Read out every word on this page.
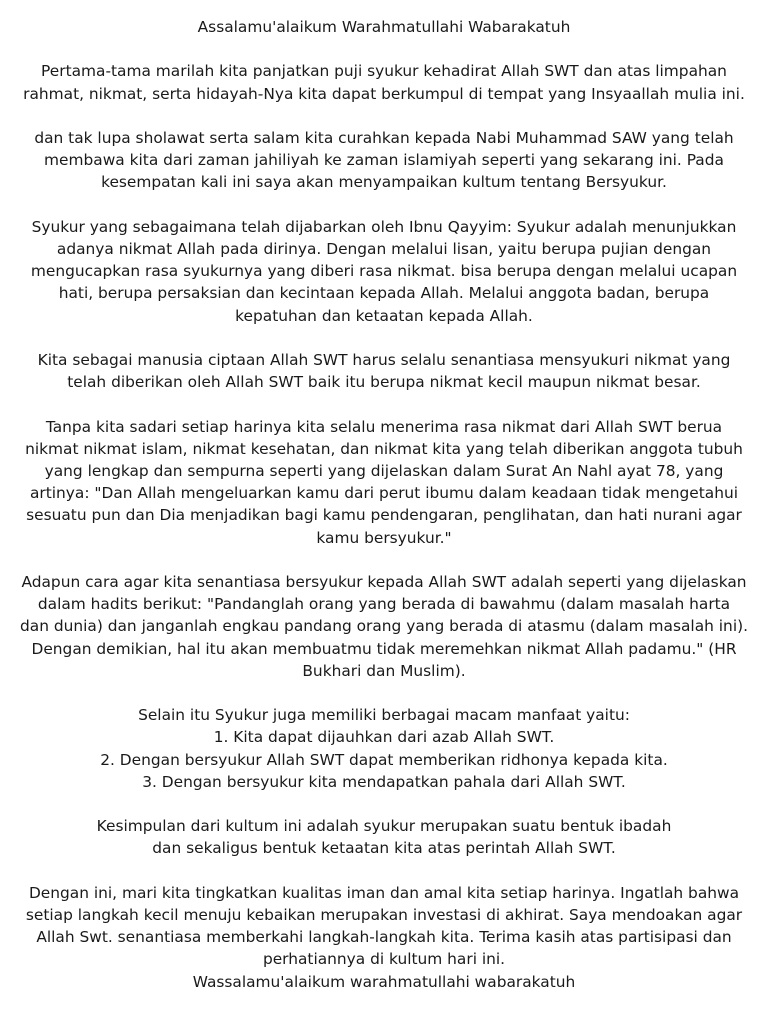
Assalamu'alaikum Warahmatullahi Wabarakatuh

Pertama-tama marilah kita panjatkan puji syukur kehadirat Allah SWT dan atas limpahan
rahmat, nikmat, serta hidayah-Nya kita dapat berkumpul di tempat yang Insyaallah mulia ini.

dan tak lupa sholawat serta salam kita curahkan kepada Nabi Muhammad SAW yang telah
membawa kita dari zaman jahiliyah ke zaman islamiyah seperti yang sekarang ini. Pada
kesempatan kali ini saya akan menyampaikan kultum tentang Bersyukur.

Syukur yang sebagaimana telah dijabarkan oleh Ibnu Qayyim: Syukur adalah menunjukkan
adanya nikmat Allah pada dirinya. Dengan melalui lisan, yaitu berupa pujian dengan
mengucapkan rasa syukurnya yang diberi rasa nikmat. bisa berupa dengan melalui ucapan
hati, berupa persaksian dan kecintaan kepada Allah. Melalui anggota badan, berupa
kepatuhan dan ketaatan kepada Allah.

Kita sebagai manusia ciptaan Allah SWT harus selalu senantiasa mensyukuri nikmat yang
telah diberikan oleh Allah SWT baik itu berupa nikmat kecil maupun nikmat besar.

Tanpa kita sadari setiap harinya kita selalu menerima rasa nikmat dari Allah SWT berua
nikmat nikmat islam, nikmat kesehatan, dan nikmat kita yang telah diberikan anggota tubuh
yang lengkap dan sempurna seperti yang dijelaskan dalam Surat An Nahl ayat 78, yang
artinya: "Dan Allah mengeluarkan kamu dari perut ibumu dalam keadaan tidak mengetahui
sesuatu pun dan Dia menjadikan bagi kamu pendengaran, penglihatan, dan hati nurani agar
kamu bersyukur."

Adapun cara agar kita senantiasa bersyukur kepada Allah SWT adalah seperti yang dijelaskan
dalam hadits berikut: "Pandanglah orang yang berada di bawahmu (dalam masalah harta
dan dunia) dan janganlah engkau pandang orang yang berada di atasmu (dalam masalah ini).
Dengan demikian, hal itu akan membuatmu tidak meremehkan nikmat Allah padamu." (HR
Bukhari dan Muslim).

Selain itu Syukur juga memiliki berbagai macam manfaat yaitu:
1. Kita dapat dijauhkan dari azab Allah SWT.
2. Dengan bersyukur Allah SWT dapat memberikan ridhonya kepada kita.
3. Dengan bersyukur kita mendapatkan pahala dari Allah SWT.

Kesimpulan dari kultum ini adalah syukur merupakan suatu bentuk ibadah
dan sekaligus bentuk ketaatan kita atas perintah Allah SWT.

Dengan ini, mari kita tingkatkan kualitas iman dan amal kita setiap harinya. Ingatlah bahwa
setiap langkah kecil menuju kebaikan merupakan investasi di akhirat. Saya mendoakan agar
Allah Swt. senantiasa memberkahi langkah-langkah kita. Terima kasih atas partisipasi dan
perhatiannya di kultum hari ini.
Wassalamu'alaikum warahmatullahi wabarakatuh
